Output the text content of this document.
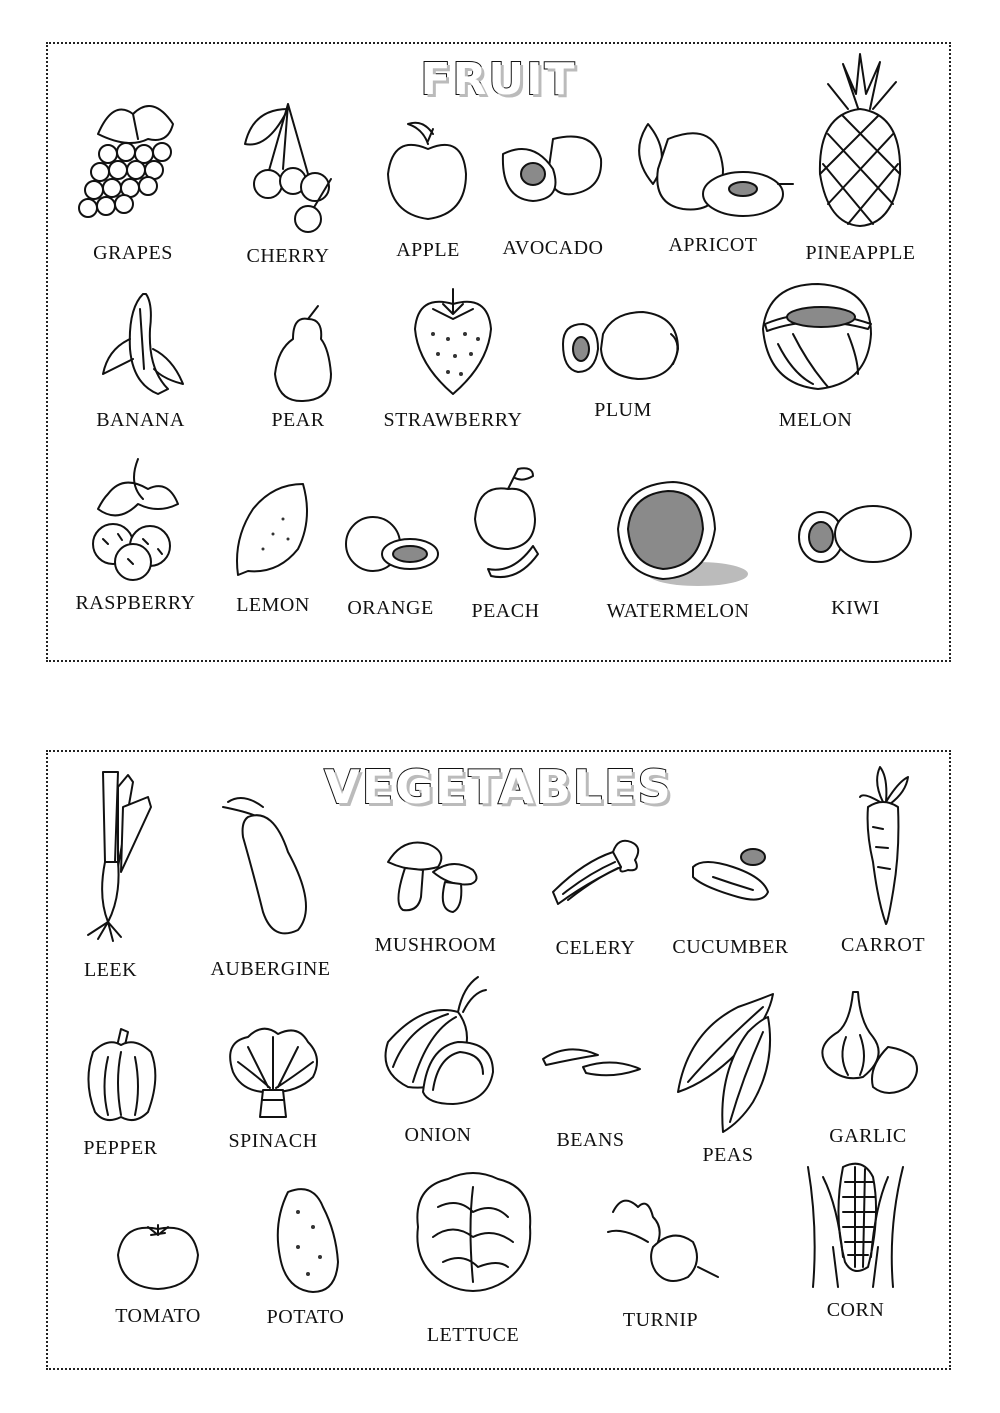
FRUIT
GRAPES	CHERRY	APPLE AVOCADO	APRICOT PINEAPPLE
BANANA	PEAR	STRAWBERRY	PLUM	MELON
RASPBERRY LEMON ORANGE PEACH	WATERMELON	KIWI
VEGETABLES
LEEK	AUBERGINE
MUSHROOM	CELERY CUCUMBER	CARROT
PEPPER	SPINACH	ONION	BEANS
PEAS
GARLIC
TOMATO	POTATO
LETTUCE
TURNIP	CORN
